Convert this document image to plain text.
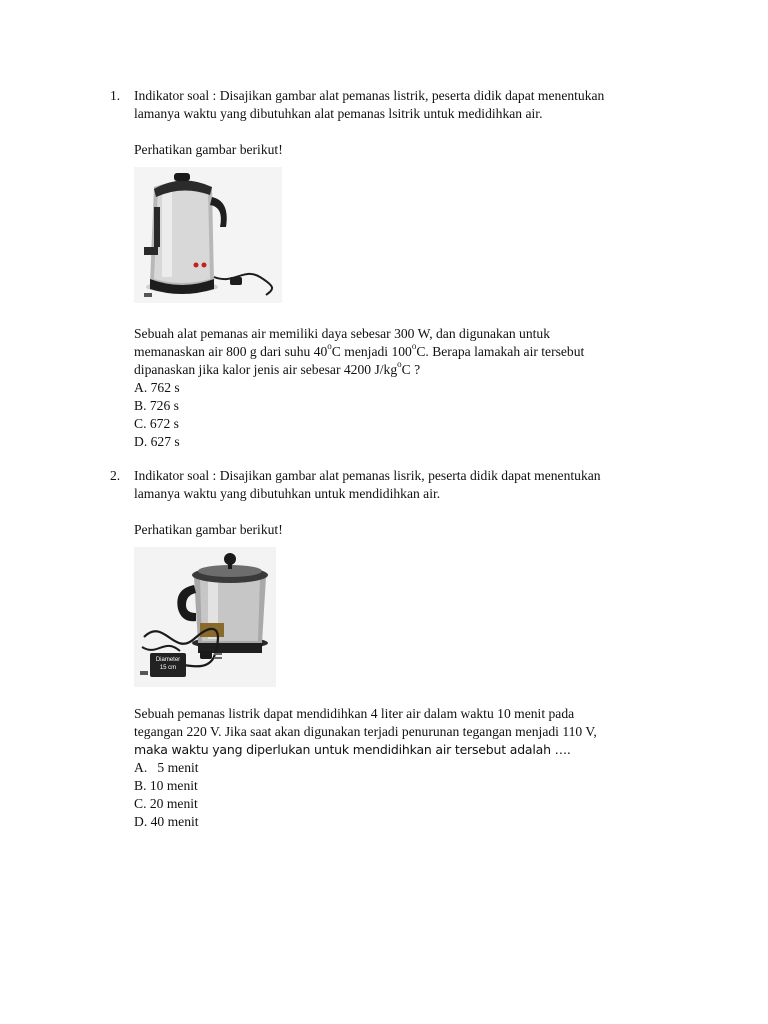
1. Indikator soal : Disajikan gambar alat pemanas listrik, peserta didik dapat menentukan

lamanya waktu yang dibutuhkan alat pemanas lsitrik untuk medidihkan air.

Perhatikan gambar berikut!

Sebuah alat pemanas air memiliki daya sebesar 300 W, dan digunakan untuk

memanaskan air 800 g dari suhu 40$^o$C menjadi 100$^o$C. Berapa lamakah air tersebut

dipanaskan jika kalor jenis air sebesar 4200 $J/kg^oC$ ?

A. 762 s

B. 726 s

C. 672 s

D. 627 s

2. Indikator soal : Disajikan gambar alat pemanas lisrik, peserta didik dapat menentukan

lamanya waktu yang dibutuhkan untuk mendidihkan air.

Perhatikan gambar berikut!

Diameter
15 cm

Sebuah pemanas listrik dapat mendidihkan 4 liter air dalam waktu 10 menit pada

tegangan 220 V. Jika saat akan digunakan terjadi penurunan tegangan menjadi 110 V,

maka waktu yang diperlukan untuk mendidihkan air tersebut adalah ….

A.   5 menit

B. 10 menit

C. 20 menit

D. 40 menit
